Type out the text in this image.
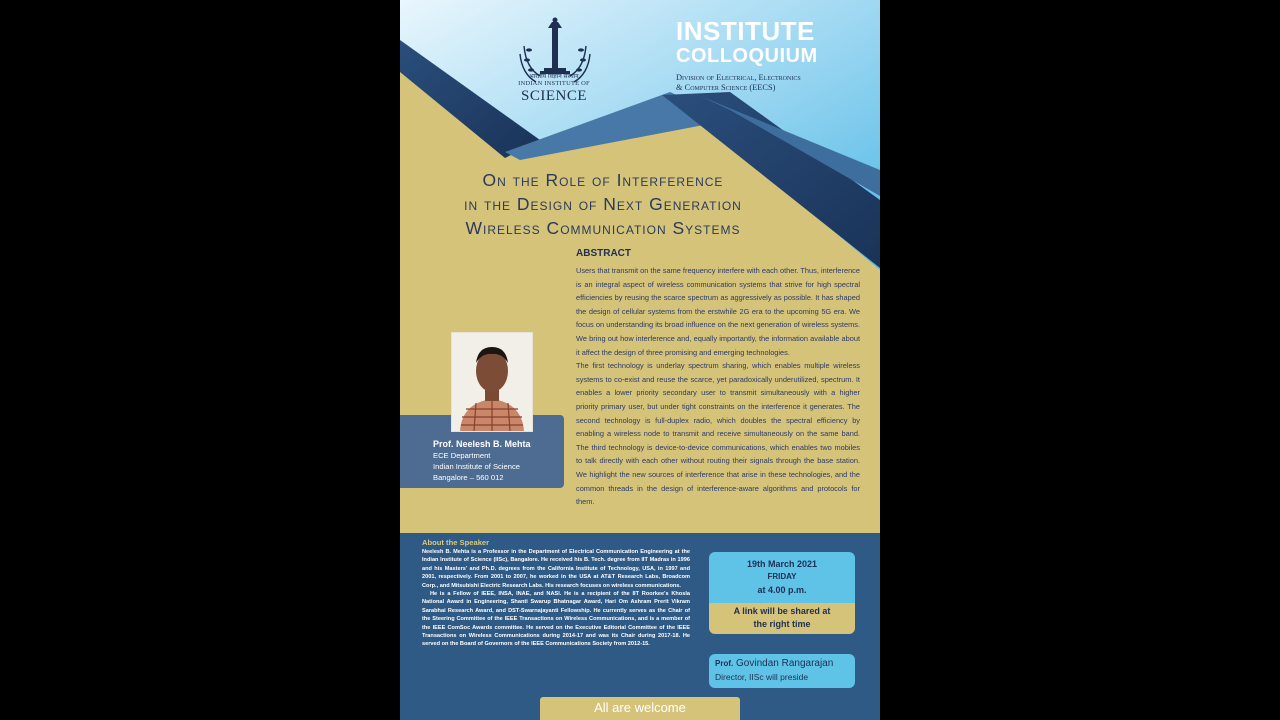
भारतीय विज्ञान संस्थान
INDIAN INSTITUTE OF
SCIENCE
INSTITUTE
COLLOQUIUM
Division of Electrical, Electronics
& Computer Science (EECS)
On the Role of Interference
in the Design of Next Generation
Wireless Communication Systems
ABSTRACT

Users that transmit on the same frequency interfere with each other. Thus, interference is an integral aspect of wireless communication systems that strive for high spectral efficiencies by reusing the scarce spectrum as aggressively as possible. It has shaped the design of cellular systems from the erstwhile 2G era to the upcoming 5G era. We focus on understanding its broad influence on the next generation of wireless systems. We bring out how interference and, equally importantly, the information available about it affect the design of three promising and emerging technologies.

The first technology is underlay spectrum sharing, which enables multiple wireless systems to co-exist and reuse the scarce, yet paradoxically underutilized, spectrum. It enables a lower priority secondary user to transmit simultaneously with a higher priority primary user, but under tight constraints on the interference it generates. The second technology is full-duplex radio, which doubles the spectral efficiency by enabling a wireless node to transmit and receive simultaneously on the same band. The third technology is device-to-device communications, which enables two mobiles to talk directly with each other without routing their signals through the base station. We highlight the new sources of interference that arise in these technologies, and the common threads in the design of interference-aware algorithms and protocols for them.

Prof. Neelesh B. Mehta
ECE Department
Indian Institute of Science
Bangalore – 560 012
About the Speaker

Neelesh B. Mehta is a Professor in the Department of Electrical Communication Engineering at the Indian Institute of Science (IISc), Bangalore. He received his B. Tech. degree from IIT Madras in 1996 and his Masters' and Ph.D. degrees from the California Institute of Technology, USA, in 1997 and 2001, respectively. From 2001 to 2007, he worked in the USA at AT&T Research Labs, Broadcom Corp., and Mitsubishi Electric Research Labs. His research focuses on wireless communications.

He is a Fellow of IEEE, INSA, INAE, and NASI. He is a recipient of the IIT Roorkee's Khosla National Award in Engineering, Shanti Swarup Bhatnagar Award, Hari Om Ashram Prerit Vikram Sarabhai Research Award, and DST-Swarnajayanti Fellowship. He currently serves as the Chair of the Steering Committee of the IEEE Transactions on Wireless Communications, and is a member of the IEEE ComSoc Awards committee. He served on the Executive Editorial Committee of the IEEE Transactions on Wireless Communications during 2014-17 and was its Chair during 2017-18. He served on the Board of Governors of the IEEE Communications Society from 2012-15.

19th March 2021
FRIDAY
at 4.00 p.m.
A link will be shared at
the right time
Prof. Govindan Rangarajan
Director, IISc will preside
All are welcome
